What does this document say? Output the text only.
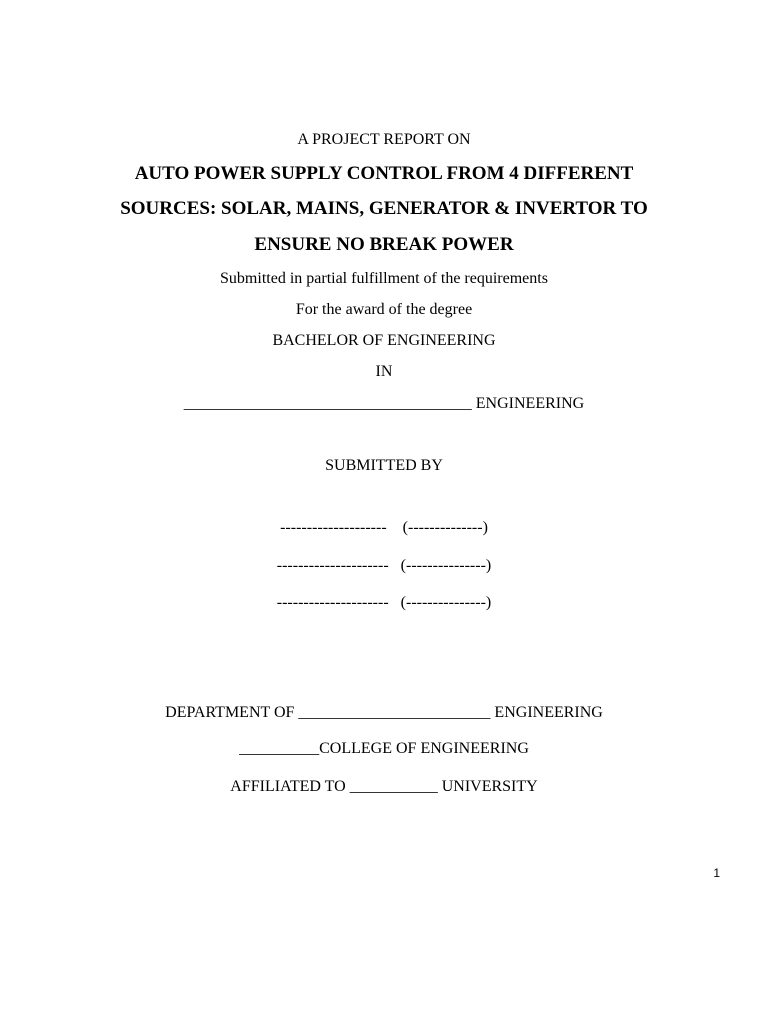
A PROJECT REPORT ON
AUTO POWER SUPPLY CONTROL FROM 4 DIFFERENT
SOURCES: SOLAR, MAINS, GENERATOR & INVERTOR TO
ENSURE NO BREAK POWER
Submitted in partial fulfillment of the requirements
For the award of the degree
BACHELOR OF ENGINEERING
IN
____________________________________ ENGINEERING
SUBMITTED BY
--------------------    (--------------)
---------------------   (---------------)
---------------------   (---------------)
DEPARTMENT OF ________________________ ENGINEERING
__________COLLEGE OF ENGINEERING
AFFILIATED TO ___________ UNIVERSITY
1
